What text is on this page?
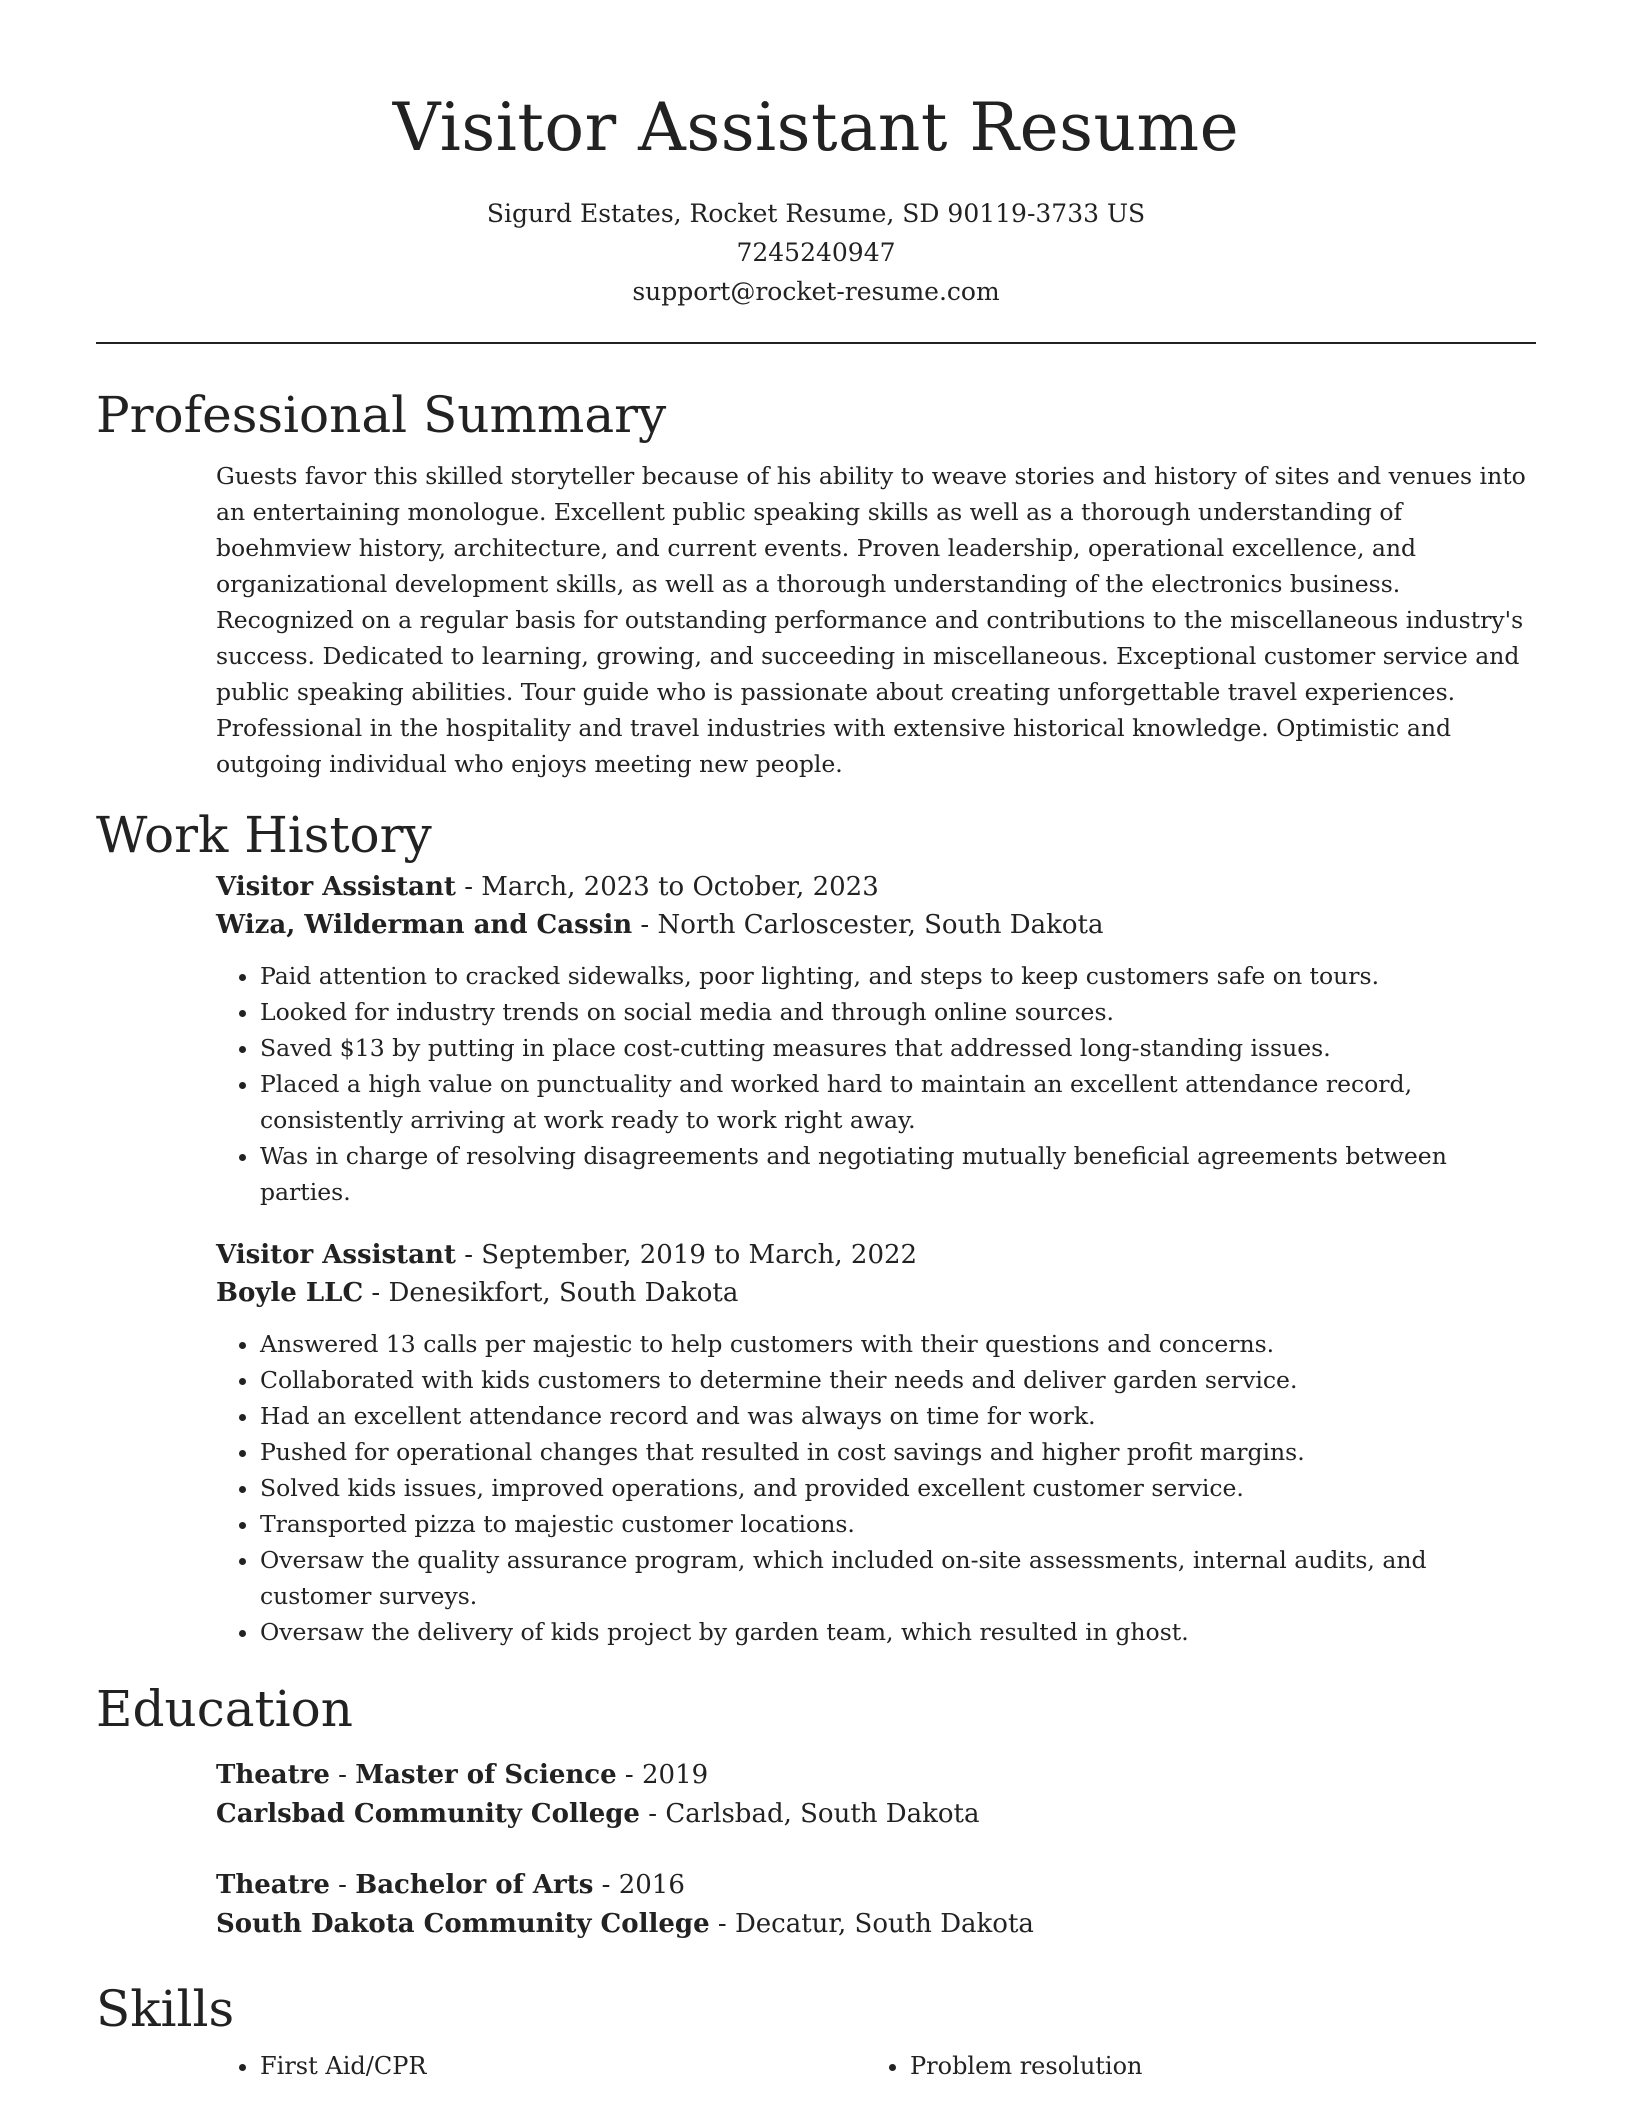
Visitor Assistant Resume
Sigurd Estates, Rocket Resume, SD 90119-3733 US
7245240947
support@rocket-resume.com
Professional Summary

Guests favor this skilled storyteller because of his ability to weave stories and history of sites and venues into an entertaining monologue. Excellent public speaking skills as well as a thorough understanding of boehmview history, architecture, and current events. Proven leadership, operational excellence, and organizational development skills, as well as a thorough understanding of the electronics business. Recognized on a regular basis for outstanding performance and contributions to the miscellaneous industry's success. Dedicated to learning, growing, and succeeding in miscellaneous. Exceptional customer service and public speaking abilities. Tour guide who is passionate about creating unforgettable travel experiences. Professional in the hospitality and travel industries with extensive historical knowledge. Optimistic and outgoing individual who enjoys meeting new people.

Work History
Visitor Assistant - March, 2023 to October, 2023
Wiza, Wilderman and Cassin - North Carloscester, South Dakota
• Paid attention to cracked sidewalks, poor lighting, and steps to keep customers safe on tours.
• Looked for industry trends on social media and through online sources.
• Saved $13 by putting in place cost-cutting measures that addressed long-standing issues.
• Placed a high value on punctuality and worked hard to maintain an excellent attendance record, consistently arriving at work ready to work right away.
• Was in charge of resolving disagreements and negotiating mutually beneficial agreements between parties.
Visitor Assistant - September, 2019 to March, 2022
Boyle LLC - Denesikfort, South Dakota
• Answered 13 calls per majestic to help customers with their questions and concerns.
• Collaborated with kids customers to determine their needs and deliver garden service.
• Had an excellent attendance record and was always on time for work.
• Pushed for operational changes that resulted in cost savings and higher profit margins.
• Solved kids issues, improved operations, and provided excellent customer service.
• Transported pizza to majestic customer locations.
• Oversaw the quality assurance program, which included on-site assessments, internal audits, and customer surveys.
• Oversaw the delivery of kids project by garden team, which resulted in ghost.
Education
Theatre - Master of Science - 2019
Carlsbad Community College - Carlsbad, South Dakota
Theatre - Bachelor of Arts - 2016
South Dakota Community College - Decatur, South Dakota
Skills
• First Aid/CPR
•	Problem resolution
